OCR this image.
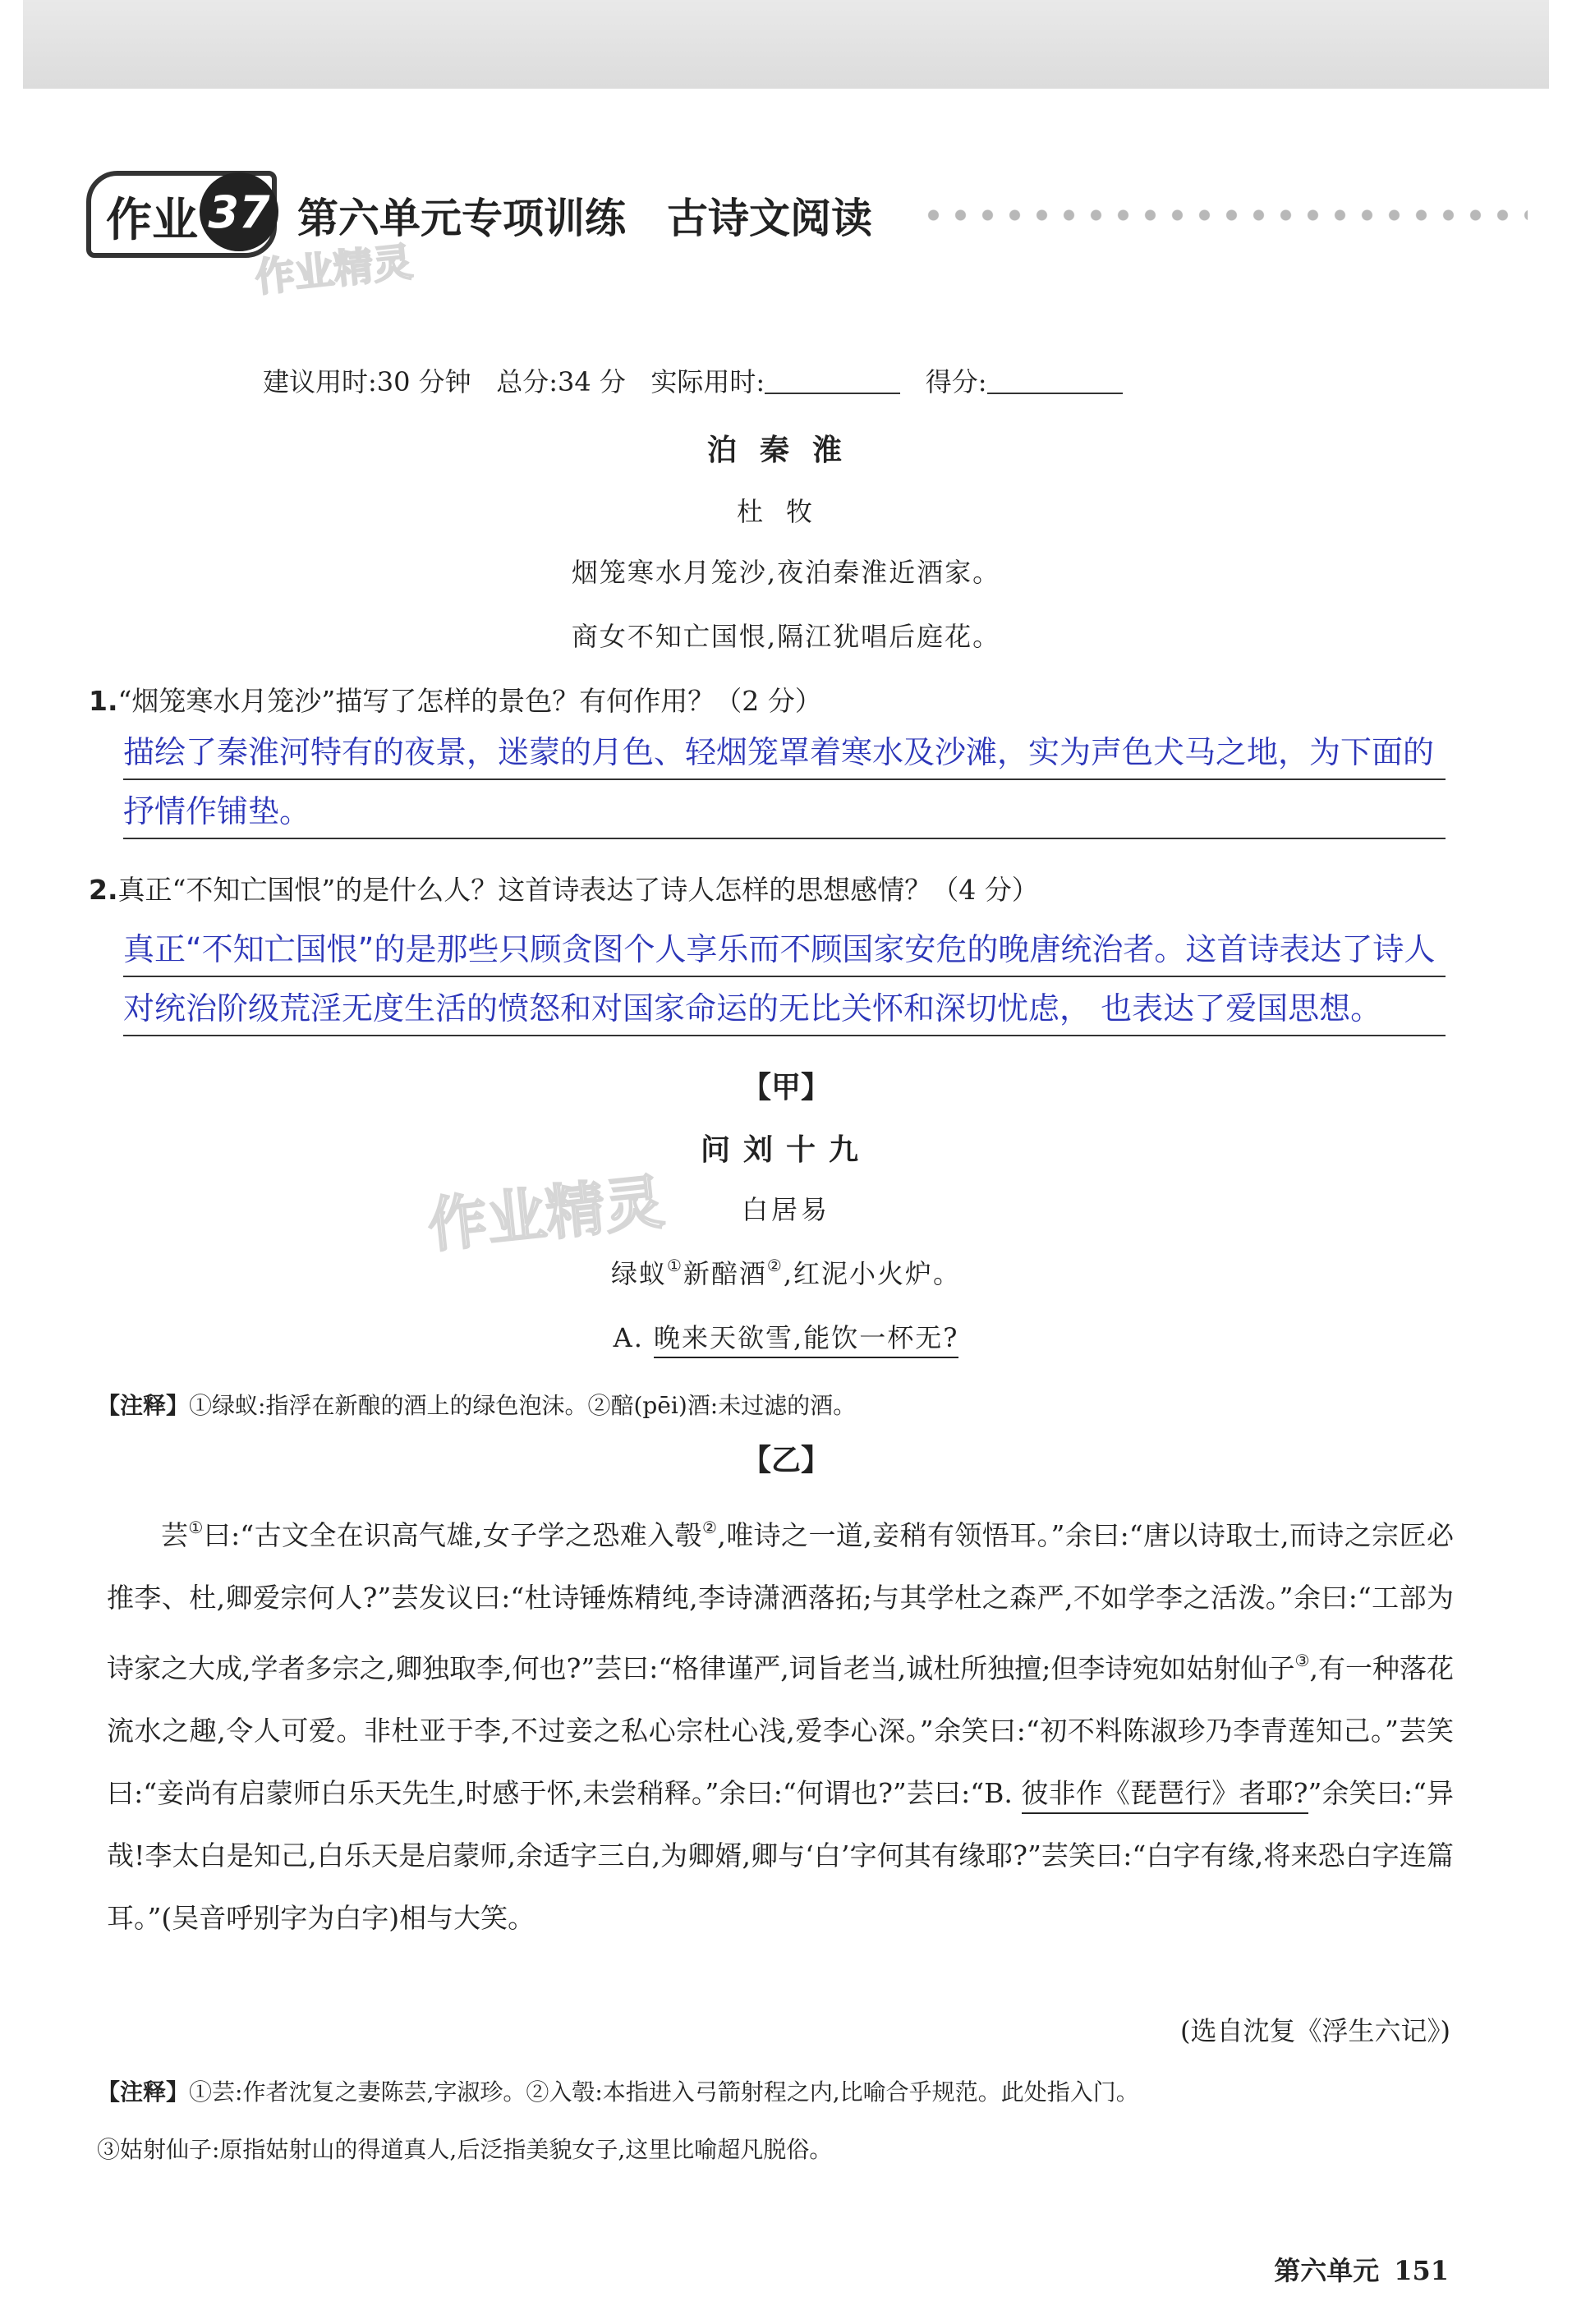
作业 37 第六单元专项训练　古诗文阅读
作业精灵
作业精灵
建议用时:30 分钟 总分:34 分 实际用时:	得分:
泊秦淮
杜牧
烟笼寒水月笼沙,夜泊秦淮近酒家。
商女不知亡国恨,隔江犹唱后庭花。
1.“烟笼寒水月笼沙”描写了怎样的景色？有何作用？（2 分）
描绘了秦淮河特有的夜景，迷蒙的月色、轻烟笼罩着寒水及沙滩，实为声色犬马之地，为下面的抒情作铺垫。
2.真正“不知亡国恨”的是什么人？这首诗表达了诗人怎样的思想感情？（4 分）
真正“不知亡国恨”的是那些只顾贪图个人享乐而不顾国家安危的晚唐统治者。这首诗表达了诗人对统治阶级荒淫无度生活的愤怒和对国家命运的无比关怀和深切忧虑， 也表达了爱国思想。
【甲】
问刘十九
白居易
绿蚁①新醅酒②,红泥小火炉。
A. 晚来天欲雪,能饮一杯无?
【注释】①绿蚁:指浮在新酿的酒上的绿色泡沫。②醅(pēi)酒:未过滤的酒。
【乙】
芸①曰:“古文全在识高气雄,女子学之恐难入彀②,唯诗之一道,妾稍有领悟耳。”余曰:“唐以诗取士,而诗之宗匠必推李、杜,卿爱宗何人?”芸发议曰:“杜诗锤炼精纯,李诗潇洒落拓;与其学杜之森严,不如学李之活泼。”余曰:“工部为诗家之大成,学者多宗之,卿独取李,何也?”芸曰:“格律谨严,词旨老当,诚杜所独擅;但李诗宛如姑射仙子③,有一种落花流水之趣,令人可爱。非杜亚于李,不过妾之私心宗杜心浅,爱李心深。”余笑曰:“初不料陈淑珍乃李青莲知己。”芸笑曰:“妾尚有启蒙师白乐天先生,时感于怀,未尝稍释。”余曰:“何谓也?”芸曰:“B. 彼非作《琵琶行》者耶?”余笑曰:“异哉!李太白是知己,白乐天是启蒙师,余适字三白,为卿婿,卿与‘白’字何其有缘耶?”芸笑曰:“白字有缘,将来恐白字连篇耳。”(吴音呼别字为白字)相与大笑。
(选自沈复《浮生六记》)
【注释】①芸:作者沈复之妻陈芸,字淑珍。②入彀:本指进入弓箭射程之内,比喻合乎规范。此处指入门。
③姑射仙子:原指姑射山的得道真人,后泛指美貌女子,这里比喻超凡脱俗。
第六单元 151
